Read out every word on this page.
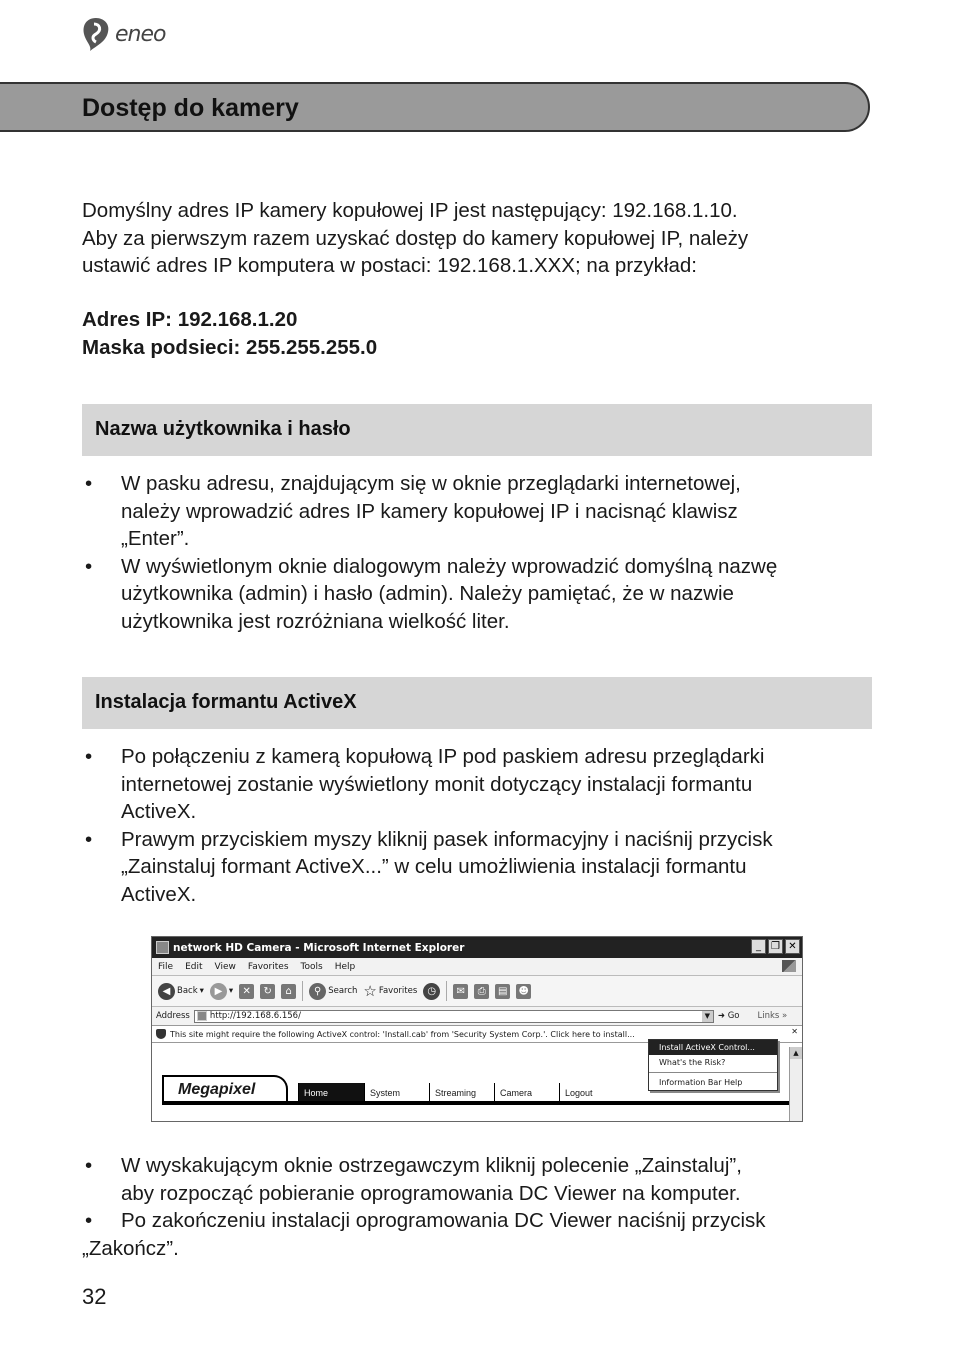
eneo
Dostęp do kamery
Domyślny adres IP kamery kopułowej IP jest następujący: 192.168.1.10.
Aby za pierwszym razem uzyskać dostęp do kamery kopułowej IP, należy
ustawić adres IP komputera w postaci: 192.168.1.XXX; na przykład:
Adres IP: 192.168.1.20
Maska podsieci: 255.255.255.0
Nazwa użytkownika i hasło
• W pasku adresu, znajdującym się w oknie przeglądarki internetowej,
należy wprowadzić adres IP kamery kopułowej IP i nacisnąć klawisz
„Enter”.
• W wyświetlonym oknie dialogowym należy wprowadzić domyślną nazwę
użytkownika (admin) i hasło (admin). Należy pamiętać, że w nazwie
użytkownika jest rozróżniana wielkość liter.
Instalacja formantu ActiveX
• Po połączeniu z kamerą kopułową IP pod paskiem adresu przeglądarki
internetowej zostanie wyświetlony monit dotyczący instalacji formantu
ActiveX.
• Prawym przyciskiem myszy kliknij pasek informacyjny i naciśnij przycisk
„Zainstaluj formant ActiveX...” w celu umożliwienia instalacji formantu
ActiveX.
network HD Camera - Microsoft Internet Explorer	_	❐ ✕
File Edit View Favorites Tools Help
◀ Back ▾	▶ ▾ ✕	↻	⌂	⚲ Search ☆ Favorites	◷	✉	⎙	▤ ☻
Address http://192.168.6.156/	▼ ➜ Go Links »
This site might require the following ActiveX control: 'Install.cab' from 'Security System Corp.'. Click here to install...	✕
Megapixel	Home	System	Streaming	Camera	Logout
▲
Install ActiveX Control...
What's the Risk?
Information Bar Help
• W wyskakującym oknie ostrzegawczym kliknij polecenie „Zainstaluj”,
aby rozpocząć pobieranie oprogramowania DC Viewer na komputer.
• Po zakończeniu instalacji oprogramowania DC Viewer naciśnij przycisk
„Zakończ”.
32
